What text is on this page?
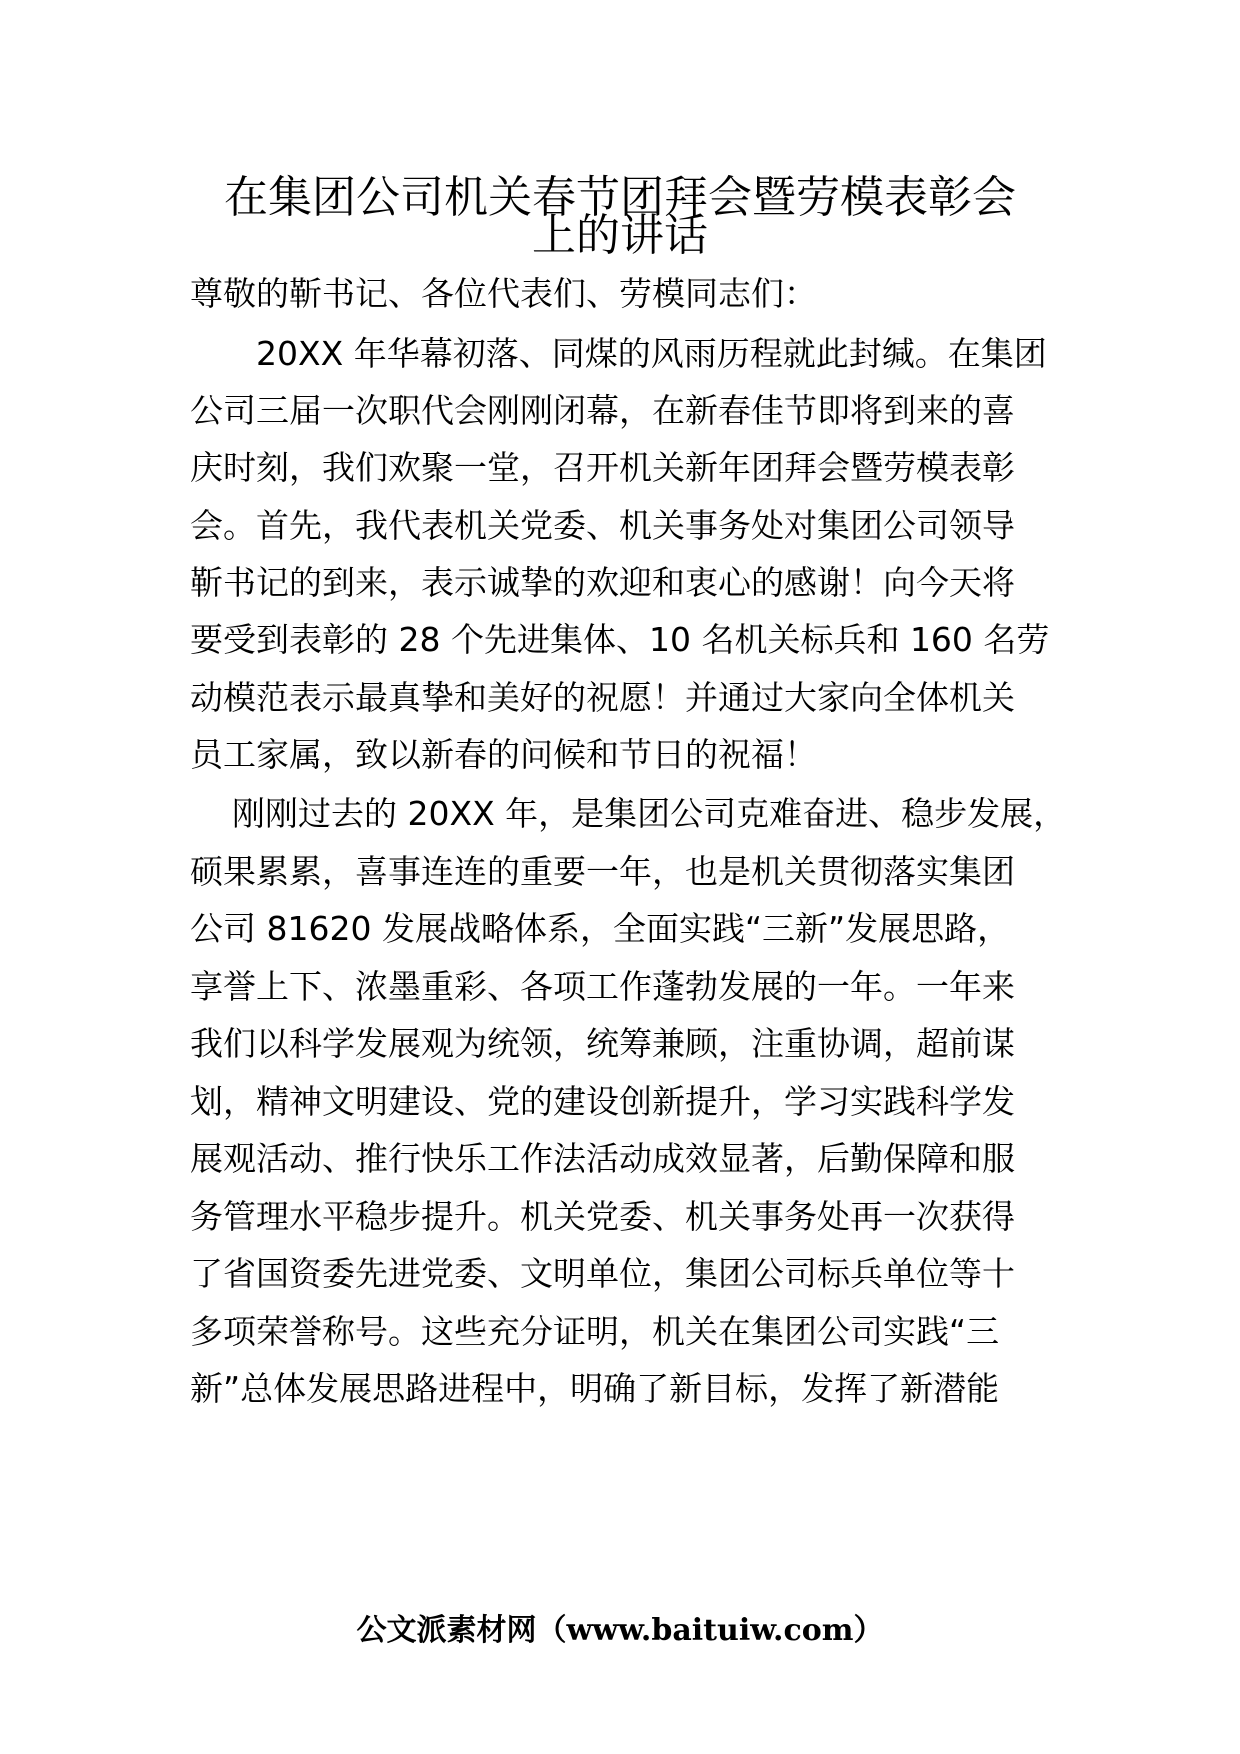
在集团公司机关春节团拜会暨劳模表彰会
上的讲话
尊敬的靳书记、各位代表们、劳模同志们：
20XX 年华幕初落、同煤的风雨历程就此封缄。在集团
公司三届一次职代会刚刚闭幕，在新春佳节即将到来的喜
庆时刻，我们欢聚一堂，召开机关新年团拜会暨劳模表彰
会。首先，我代表机关党委、机关事务处对集团公司领导
靳书记的到来，表示诚挚的欢迎和衷心的感谢！向今天将
要受到表彰的 28 个先进集体、10 名机关标兵和 160 名劳
动模范表示最真挚和美好的祝愿！并通过大家向全体机关
员工家属，致以新春的问候和节日的祝福！
刚刚过去的 20XX 年，是集团公司克难奋进、稳步发展，
硕果累累，喜事连连的重要一年，也是机关贯彻落实集团
公司 81620 发展战略体系，全面实践“三新”发展思路，
享誉上下、浓墨重彩、各项工作蓬勃发展的一年。一年来
我们以科学发展观为统领，统筹兼顾，注重协调，超前谋
划，精神文明建设、党的建设创新提升，学习实践科学发
展观活动、推行快乐工作法活动成效显著，后勤保障和服
务管理水平稳步提升。机关党委、机关事务处再一次获得
了省国资委先进党委、文明单位，集团公司标兵单位等十
多项荣誉称号。这些充分证明，机关在集团公司实践“三
新”总体发展思路进程中，明确了新目标，发挥了新潜能
公文派素材网（www.baituiw.com）
